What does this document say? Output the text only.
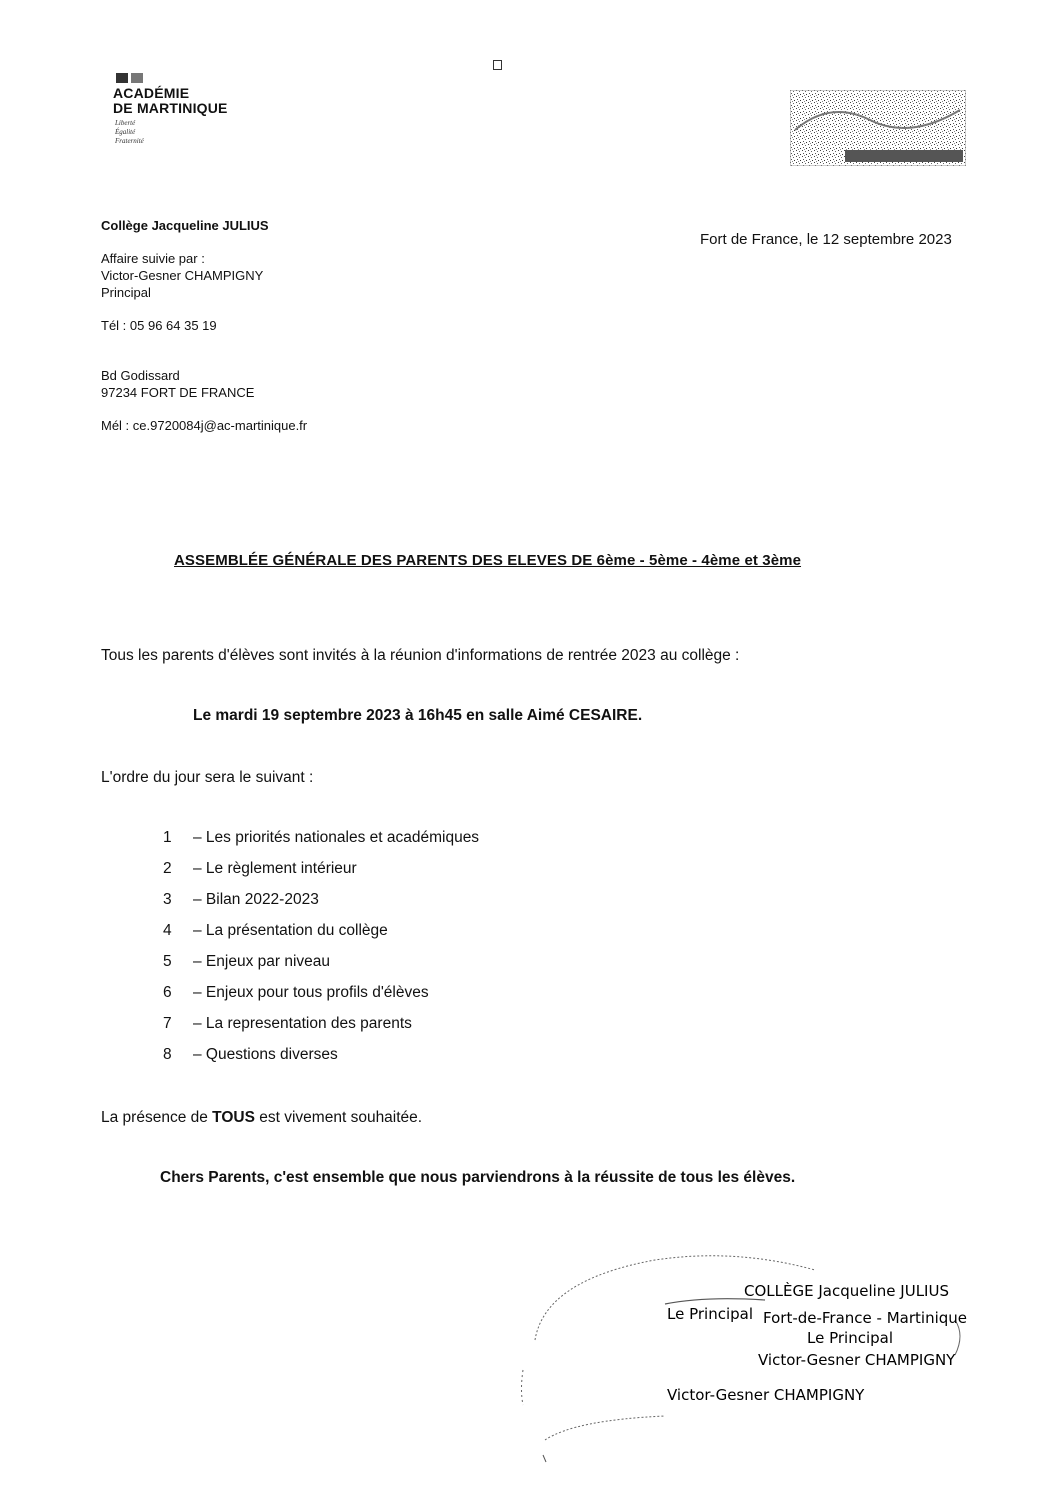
ACADÉMIE
DE MARTINIQUE
Liberté
Égalité
Fraternité

Collège Jacqueline JULIUS

Affaire suivie par :

Victor-Gesner CHAMPIGNY

Principal

Tél : 05 96 64 35 19

Bd Godissard

97234 FORT DE FRANCE

Mél : ce.9720084j@ac-martinique.fr

Fort de France, le 12 septembre 2023
ASSEMBLÉE GÉNÉRALE DES PARENTS DES ELEVES DE 6ème - 5ème - 4ème et 3ème
Tous les parents d'élèves sont invités à la réunion d'informations de rentrée 2023 au collège :
Le mardi 19 septembre 2023 à 16h45 en salle Aimé CESAIRE.
L'ordre du jour sera le suivant :
1	– Les priorités nationales et académiques
2	– Le règlement intérieur
3	– Bilan 2022-2023
4	– La présentation du collège
5	– Enjeux par niveau
6	– Enjeux pour tous profils d'élèves
7	– La representation des parents
8	– Questions diverses
La présence de TOUS est vivement souhaitée.
Chers Parents, c'est ensemble que nous parviendrons à la réussite de tous les élèves.
COLLÈGE Jacqueline JULIUS
Le Principal Fort-de-France - Martinique
Le Principal
Victor-Gesner CHAMPIGNY
Victor-Gesner CHAMPIGNY
